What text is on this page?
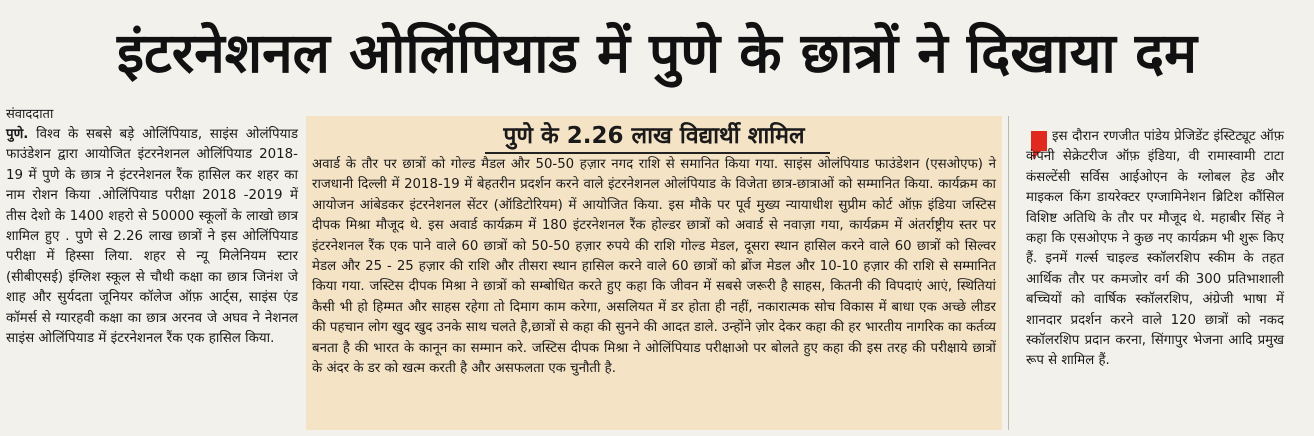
इंटरनेशनल ओलिंपियाड में पुणे के छात्रों ने दिखाया दम
संवाददाता
पुणे. विश्व के सबसे बड़े ओलिंपियाड, साइंस ओलंपियाड फाउंडेशन द्वारा आयोजित इंटरनेशनल ओलिंपियाड 2018-19 में पुणे के छात्र ने इंटरनेशनल रैंक हासिल कर शहर का नाम रोशन किया .ओलिंपियाड परीक्षा 2018 -2019 में तीस देशो के 1400 शहरो से 50000 स्कूलों के लाखो छात्र शामिल हुए . पुणे से 2.26 लाख छात्रों ने इस ओलिंपियाड परीक्षा में हिस्सा लिया. शहर से न्यू मिलेनियम स्टार (सीबीएसई) इंग्लिश स्कूल से चौथी कक्षा का छात्र जिनंश जे शाह और सुर्यदता जूनियर कॉलेज ऑफ़ आर्ट्स, साइंस एंड कॉमर्स से ग्यारहवी कक्षा का छात्र अरनव जे अघव ने नेशनल साइंस ओलिंपियाड में इंटरनेशनल रैंक एक हासिल किया.
पुणे के 2.26 लाख विद्यार्थी शामिल
अवार्ड के तौर पर छात्रों को गोल्ड मैडल और 50-50 हज़ार नगद राशि से समानित किया गया. साइंस ओलंपियाड फाउंडेशन (एसओएफ) ने राजधानी दिल्ली में 2018-19 में बेहतरीन प्रदर्शन करने वाले इंटरनेशनल ओलंपियाड के विजेता छात्र-छात्राओं को सम्मानित किया. कार्यक्रम का आयोजन आंबेडकर इंटरनेशनल सेंटर (ऑडिटोरियम) में आयोजित किया. इस मौके पर पूर्व मुख्य न्यायाधीश सुप्रीम कोर्ट ऑफ़ इंडिया जस्टिस दीपक मिश्रा मौजूद थे. इस अवार्ड कार्यक्रम में 180 इंटरनेशनल रैंक होल्डर छात्रों को अवार्ड से नवाज़ा गया, कार्यक्रम में अंतर्राष्ट्रीय स्तर पर इंटरनेशनल रैंक एक पाने वाले 60 छात्रों को 50-50 हज़ार रुपये की राशि गोल्ड मेडल, दूसरा स्थान हासिल करने वाले 60 छात्रों को सिल्वर मेडल और 25 - 25 हज़ार की राशि और तीसरा स्थान हासिल करने वाले 60 छात्रों को ब्रोंज मेडल और 10-10 हज़ार की राशि से सम्मानित किया गया. जस्टिस दीपक मिश्रा ने छात्रों को सम्बोधित करते हुए कहा कि जीवन में सबसे जरूरी है साहस, कितनी की विपदाएं आएं, स्थितियां कैसी भी हो हिम्मत और साहस रहेगा तो दिमाग काम करेगा, असलियत में डर होता ही नहीं, नकारात्मक सोच विकास में बाधा एक अच्छे लीडर की पहचान लोग खुद खुद उनके साथ चलते है,छात्रों से कहा की सुनने की आदत डाले. उन्होंने ज़ोर देकर कहा की हर भारतीय नागरिक का कर्तव्य बनता है की भारत के कानून का सम्मान करे. जस्टिस दीपक मिश्रा ने ओलिंपियाड परीक्षाओ पर बोलते हुए कहा की इस तरह की परीक्षाये छात्रों के अंदर के डर को खत्म करती है और असफलता एक चुनौती है.
इस दौरान रणजीत पांडेय प्रेजिडेंट इंस्टिट्यूट ऑफ़ कंपनी सेक्रेटरीज ऑफ़ इंडिया, वी रामास्वामी टाटा कंसल्टेंसी सर्विस आईओएन के ग्लोबल हेड और माइकल किंग डायरेक्टर एग्जामिनेशन ब्रिटिश कौंसिल विशिष्ट अतिथि के तौर पर मौजूद थे. महाबीर सिंह ने कहा कि एसओएफ ने कुछ नए कार्यक्रम भी शुरू किए हैं. इनमें गर्ल्स चाइल्ड स्कॉलरशिप स्कीम के तहत आर्थिक तौर पर कमजोर वर्ग की 300 प्रतिभाशाली बच्चियों को वार्षिक स्कॉलरशिप, अंग्रेजी भाषा में शानदार प्रदर्शन करने वाले 120 छात्रों को नकद स्कॉलरशिप प्रदान करना, सिंगापुर भेजना आदि प्रमुख रूप से शामिल हैं.
